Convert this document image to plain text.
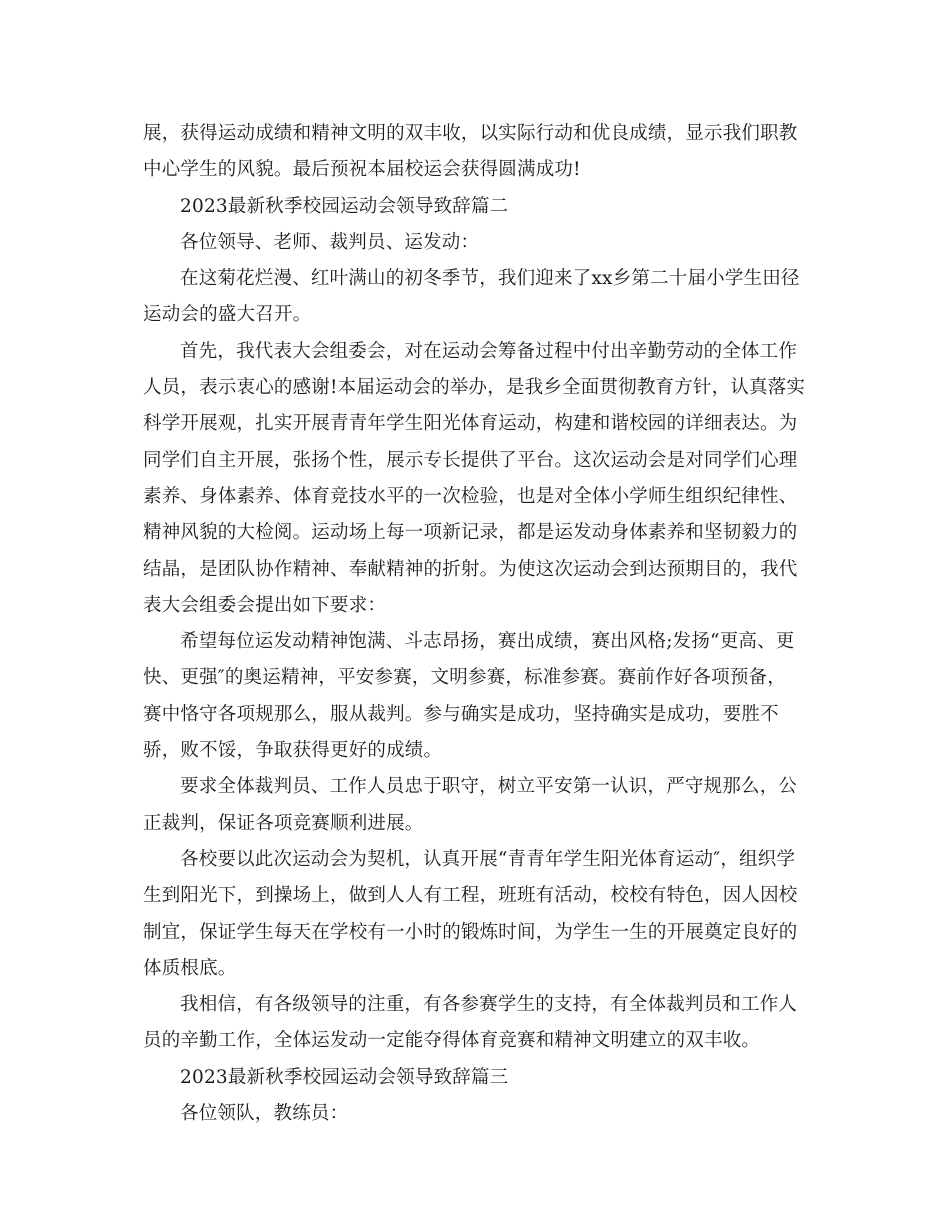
展，获得运动成绩和精神文明的双丰收，以实际行动和优良成绩，显示我们职教
中心学生的风貌。最后预祝本届校运会获得圆满成功!
2023最新秋季校园运动会领导致辞篇二
各位领导、老师、裁判员、运发动：
在这菊花烂漫、红叶满山的初冬季节，我们迎来了xx乡第二十届小学生田径
运动会的盛大召开。
首先，我代表大会组委会，对在运动会筹备过程中付出辛勤劳动的全体工作
人员，表示衷心的感谢!本届运动会的举办，是我乡全面贯彻教育方针，认真落实
科学开展观，扎实开展青青年学生阳光体育运动，构建和谐校园的详细表达。为
同学们自主开展，张扬个性，展示专长提供了平台。这次运动会是对同学们心理
素养、身体素养、体育竞技水平的一次检验，也是对全体小学师生组织纪律性、
精神风貌的大检阅。运动场上每一项新记录，都是运发动身体素养和坚韧毅力的
结晶，是团队协作精神、奉献精神的折射。为使这次运动会到达预期目的，我代
表大会组委会提出如下要求：
希望每位运发动精神饱满、斗志昂扬，赛出成绩，赛出风格;发扬“更高、更
快、更强″的奥运精神，平安参赛，文明参赛，标准参赛。赛前作好各项预备，
赛中恪守各项规那么，服从裁判。参与确实是成功，坚持确实是成功，要胜不
骄，败不馁，争取获得更好的成绩。
要求全体裁判员、工作人员忠于职守，树立平安第一认识，严守规那么，公
正裁判，保证各项竞赛顺利进展。
各校要以此次运动会为契机，认真开展“青青年学生阳光体育运动″，组织学
生到阳光下，到操场上，做到人人有工程，班班有活动，校校有特色，因人因校
制宜，保证学生每天在学校有一小时的锻炼时间，为学生一生的开展奠定良好的
体质根底。
我相信，有各级领导的注重，有各参赛学生的支持，有全体裁判员和工作人
员的辛勤工作，全体运发动一定能夺得体育竞赛和精神文明建立的双丰收。
2023最新秋季校园运动会领导致辞篇三
各位领队，教练员：
